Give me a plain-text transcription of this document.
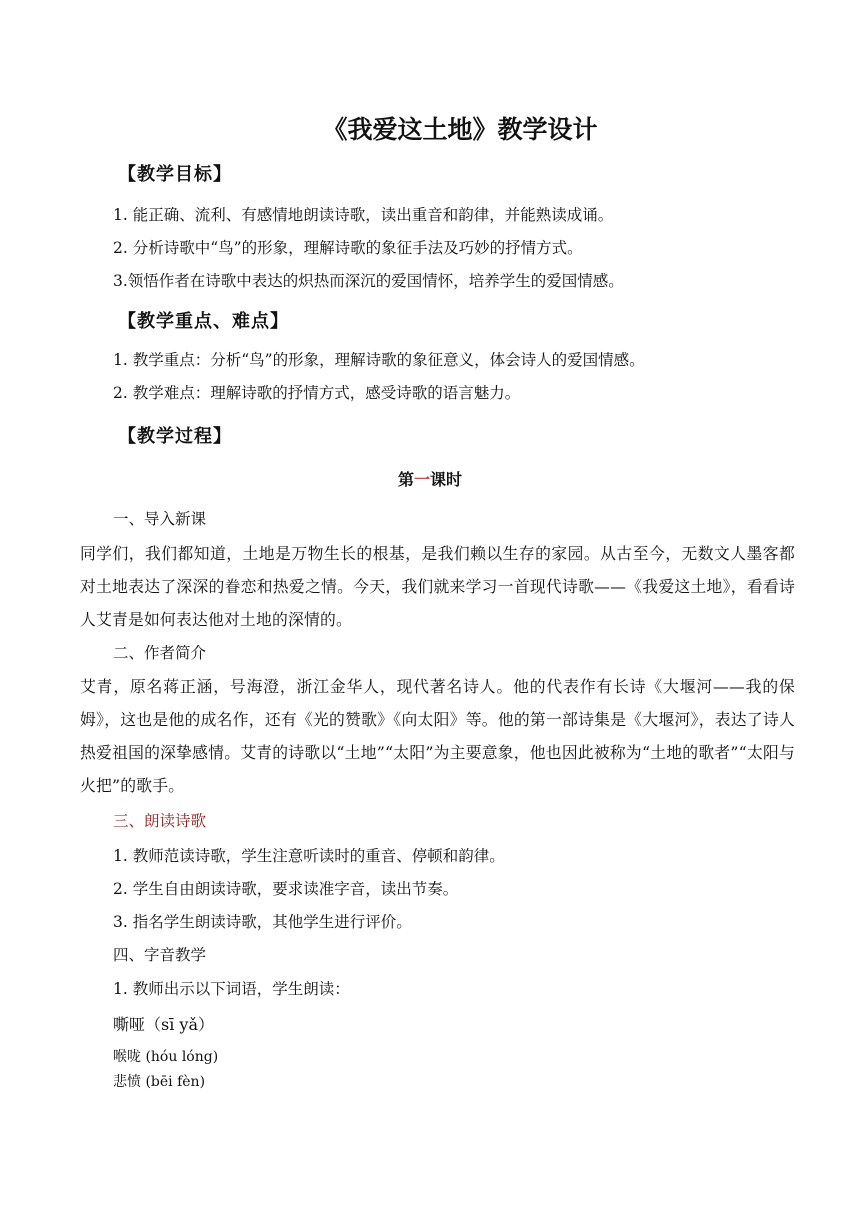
《我爱这土地》教学设计
【教学目标】
1. 能正确、流利、有感情地朗读诗歌，读出重音和韵律，并能熟读成诵。
2. 分析诗歌中“鸟”的形象，理解诗歌的象征手法及巧妙的抒情方式。
3.领悟作者在诗歌中表达的炽热而深沉的爱国情怀，培养学生的爱国情感。
【教学重点、难点】
1. 教学重点：分析“鸟”的形象，理解诗歌的象征意义，体会诗人的爱国情感。
2. 教学难点：理解诗歌的抒情方式，感受诗歌的语言魅力。
【教学过程】
第一课时
一、导入新课
同学们，我们都知道，土地是万物生长的根基，是我们赖以生存的家园。从古至今，无数文人墨客都对土地表达了深深的眷恋和热爱之情。今天，我们就来学习一首现代诗歌——《我爱这土地》，看看诗人艾青是如何表达他对土地的深情的。
二、作者简介
艾青，原名蒋正涵，号海澄，浙江金华人，现代著名诗人。他的代表作有长诗《大堰河——我的保姆》，这也是他的成名作，还有《光的赞歌》《向太阳》等。他的第一部诗集是《大堰河》，表达了诗人热爱祖国的深挚感情。艾青的诗歌以“土地”“太阳”为主要意象，他也因此被称为“土地的歌者”“太阳与火把”的歌手。
三、朗读诗歌
1. 教师范读诗歌，学生注意听读时的重音、停顿和韵律。
2. 学生自由朗读诗歌，要求读准字音，读出节奏。
3. 指名学生朗读诗歌，其他学生进行评价。
四、字音教学
1. 教师出示以下词语，学生朗读：
嘶哑（sī yǎ）
喉咙 (hóu lóng)
悲愤 (bēi fèn)
